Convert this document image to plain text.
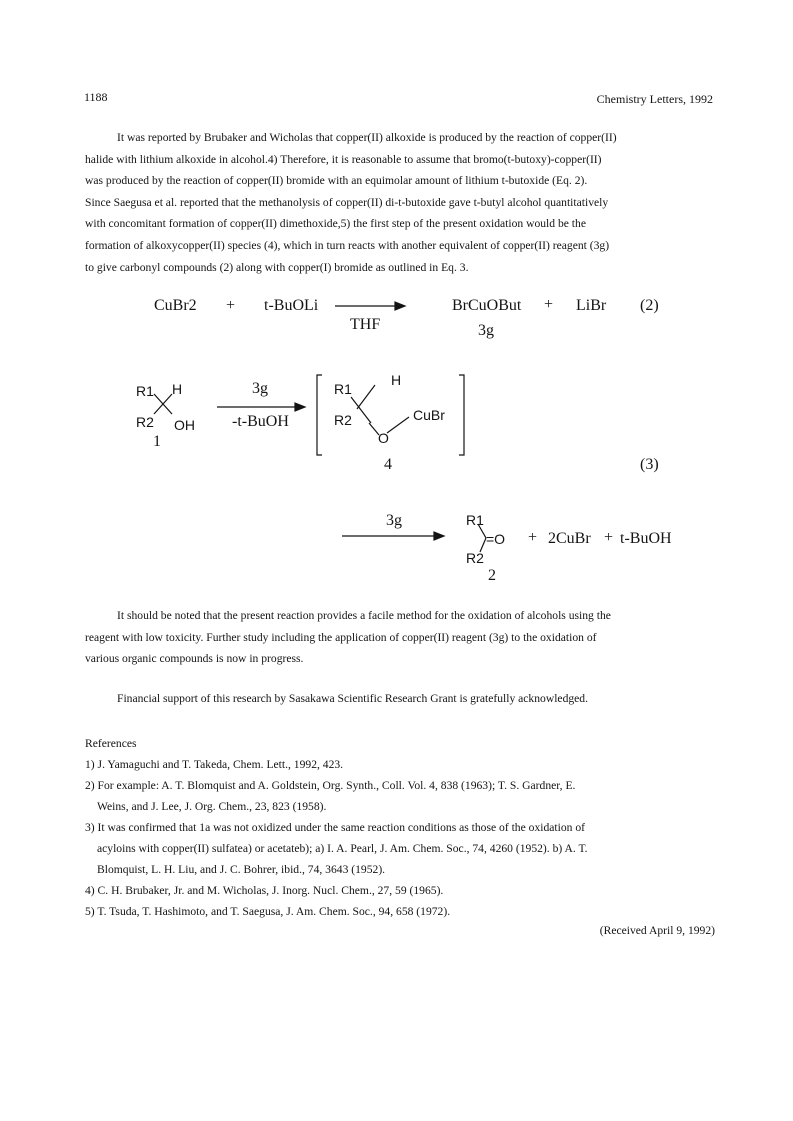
1188	Chemistry Letters, 1992
It was reported by Brubaker and Wicholas that copper(II) alkoxide is produced by the reaction of copper(II)
halide with lithium alkoxide in alcohol.4) Therefore, it is reasonable to assume that bromo(t-butoxy)-copper(II)
was produced by the reaction of copper(II) bromide with an equimolar amount of lithium t-butoxide (Eq. 2).
Since Saegusa et al. reported that the methanolysis of copper(II) di-t-butoxide gave t-butyl alcohol quantitatively
with concomitant formation of copper(II) dimethoxide,5) the first step of the present oxidation would be the
formation of alkoxycopper(II) species (4), which in turn reacts with another equivalent of copper(II) reagent (3g)
to give carbonyl compounds (2) along with copper(I) bromide as outlined in Eq. 3.
CuBr2 + t-BuOLi
THF
BrCuOBut
3g
+ LiBr (2)
R1 H
R2 OH
1
3g
-t-BuOH
R1
H
R2
O
CuBr
4	(3)
3g	R1
=O
R2
2
+ 2CuBr + t-BuOH
It should be noted that the present reaction provides a facile method for the oxidation of alcohols using the
reagent with low toxicity. Further study including the application of copper(II) reagent (3g) to the oxidation of
various organic compounds is now in progress.
Financial support of this research by Sasakawa Scientific Research Grant is gratefully acknowledged.
References
1) J. Yamaguchi and T. Takeda, Chem. Lett., 1992, 423.
2) For example: A. T. Blomquist and A. Goldstein, Org. Synth., Coll. Vol. 4, 838 (1963); T. S. Gardner, E.
Weins, and J. Lee, J. Org. Chem., 23, 823 (1958).
3) It was confirmed that 1a was not oxidized under the same reaction conditions as those of the oxidation of
acyloins with copper(II) sulfatea) or acetateb); a) I. A. Pearl, J. Am. Chem. Soc., 74, 4260 (1952). b) A. T.
Blomquist, L. H. Liu, and J. C. Bohrer, ibid., 74, 3643 (1952).
4) C. H. Brubaker, Jr. and M. Wicholas, J. Inorg. Nucl. Chem., 27, 59 (1965).
5) T. Tsuda, T. Hashimoto, and T. Saegusa, J. Am. Chem. Soc., 94, 658 (1972).
(Received April 9, 1992)
